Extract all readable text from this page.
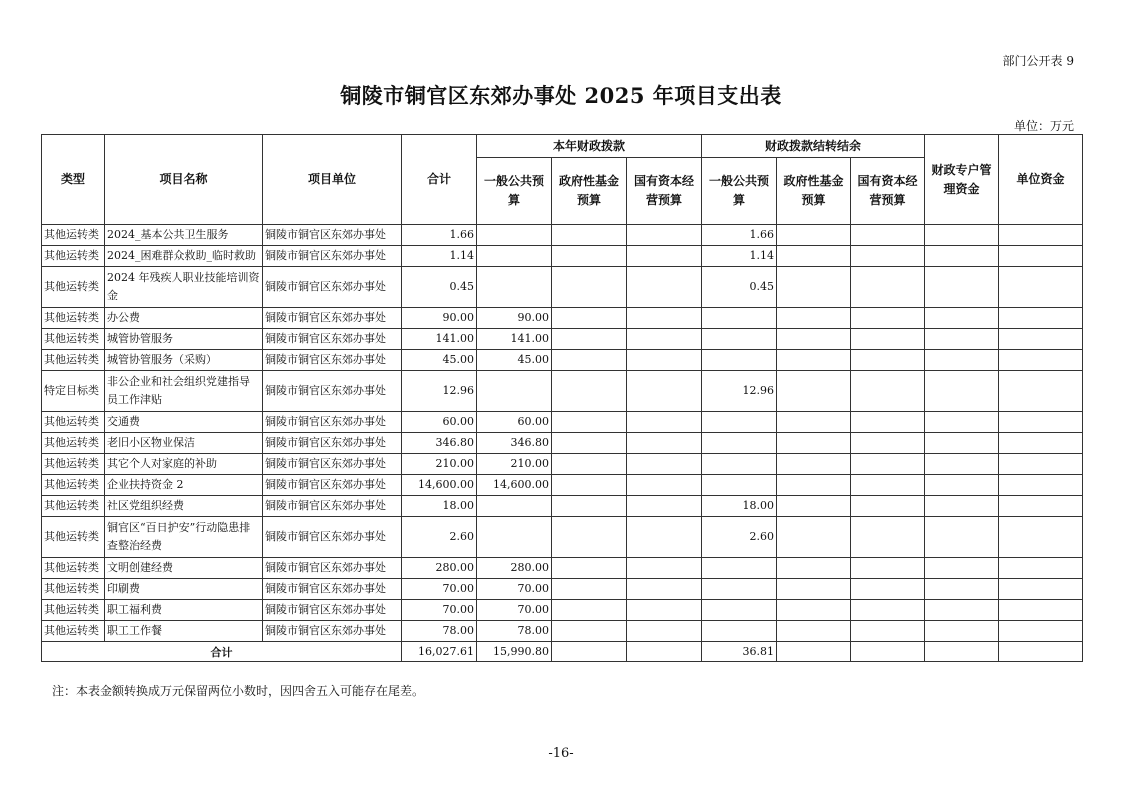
部门公开表 9
铜陵市铜官区东郊办事处 2025 年项目支出表
单位：万元
类型	项目名称	项目单位	合计	本年财政拨款			财政拨款结转结余			财政专户管理资金	单位资金
				一般公共预算	政府性基金预算	国有资本经营预算	一般公共预算	政府性基金预算	国有资本经营预算		
其他运转类	2024_基本公共卫生服务	铜陵市铜官区东郊办事处	1.66				1.66				
其他运转类	2024_困难群众救助_临时救助	铜陵市铜官区东郊办事处	1.14				1.14				
其他运转类	2024 年残疾人职业技能培训资金	铜陵市铜官区东郊办事处	0.45				0.45				
其他运转类	办公费	铜陵市铜官区东郊办事处	90.00	90.00							
其他运转类	城管协管服务	铜陵市铜官区东郊办事处	141.00	141.00							
其他运转类	城管协管服务（采购）	铜陵市铜官区东郊办事处	45.00	45.00							
特定目标类	非公企业和社会组织党建指导员工作津贴	铜陵市铜官区东郊办事处	12.96				12.96				
其他运转类	交通费	铜陵市铜官区东郊办事处	60.00	60.00							
其他运转类	老旧小区物业保洁	铜陵市铜官区东郊办事处	346.80	346.80							
其他运转类	其它个人对家庭的补助	铜陵市铜官区东郊办事处	210.00	210.00							
其他运转类	企业扶持资金 2	铜陵市铜官区东郊办事处	14,600.00	14,600.00							
其他运转类	社区党组织经费	铜陵市铜官区东郊办事处	18.00				18.00				
其他运转类	铜官区“百日护安”行动隐患排查整治经费	铜陵市铜官区东郊办事处	2.60				2.60				
其他运转类	文明创建经费	铜陵市铜官区东郊办事处	280.00	280.00							
其他运转类	印刷费	铜陵市铜官区东郊办事处	70.00	70.00							
其他运转类	职工福利费	铜陵市铜官区东郊办事处	70.00	70.00							
其他运转类	职工工作餐	铜陵市铜官区东郊办事处	78.00	78.00							
合计			16,027.61	15,990.80			36.81				
注：本表金额转换成万元保留两位小数时，因四舍五入可能存在尾差。
-16-
